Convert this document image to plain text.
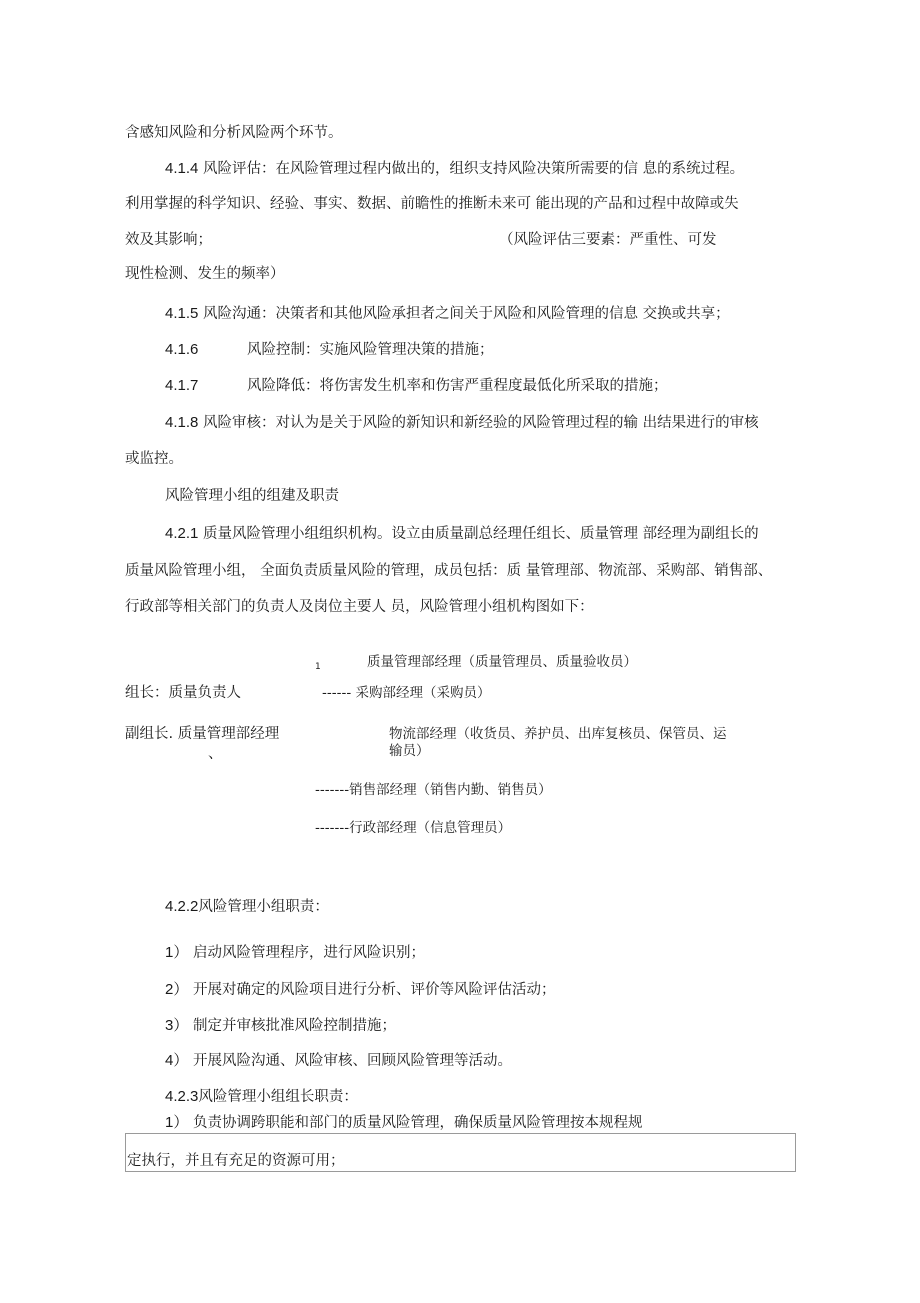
含感知风险和分析风险两个环节。
4.1.4 风险评估：在风险管理过程内做出的，组织支持风险决策所需要的信 息的系统过程。
利用掌握的科学知识、经验、事实、数据、前瞻性的推断未来可 能出现的产品和过程中故障或失
效及其影响；	（风险评估三要素：严重性、可发
现性检测、发生的频率）
4.1.5 风险沟通：决策者和其他风险承担者之间关于风险和风险管理的信息 交换或共享；
4.1.6	风险控制：实施风险管理决策的措施；
4.1.7	风险降低：将伤害发生机率和伤害严重程度最低化所采取的措施；
4.1.8 风险审核：对认为是关于风险的新知识和新经验的风险管理过程的输 出结果进行的审核
或监控。
风险管理小组的组建及职责
4.2.1 质量风险管理小组组织机构。设立由质量副总经理任组长、质量管理 部经理为副组长的
质量风险管理小组， 全面负责质量风险的管理，成员包括：质 量管理部、物流部、采购部、销售部、
行政部等相关部门的负责人及岗位主要人 员，风险管理小组机构图如下：
1	质量管理部经理（质量管理员、质量验收员）
组长：质量负责人	------ 采购部经理（采购员）
副组长. 质量管理部经理
、
物流部经理（收货员、养护员、出库复核员、保管员、运
输员）
-------销售部经理（销售内勤、销售员）
-------行政部经理（信息管理员）
4.2.2风险管理小组职责：
1） 启动风险管理程序，进行风险识别；
2） 开展对确定的风险项目进行分析、评价等风险评估活动；
3） 制定并审核批准风险控制措施；
4） 开展风险沟通、风险审核、回顾风险管理等活动。
4.2.3风险管理小组组长职责：
1） 负责协调跨职能和部门的质量风险管理，确保质量风险管理按本规程规
定执行，并且有充足的资源可用；
